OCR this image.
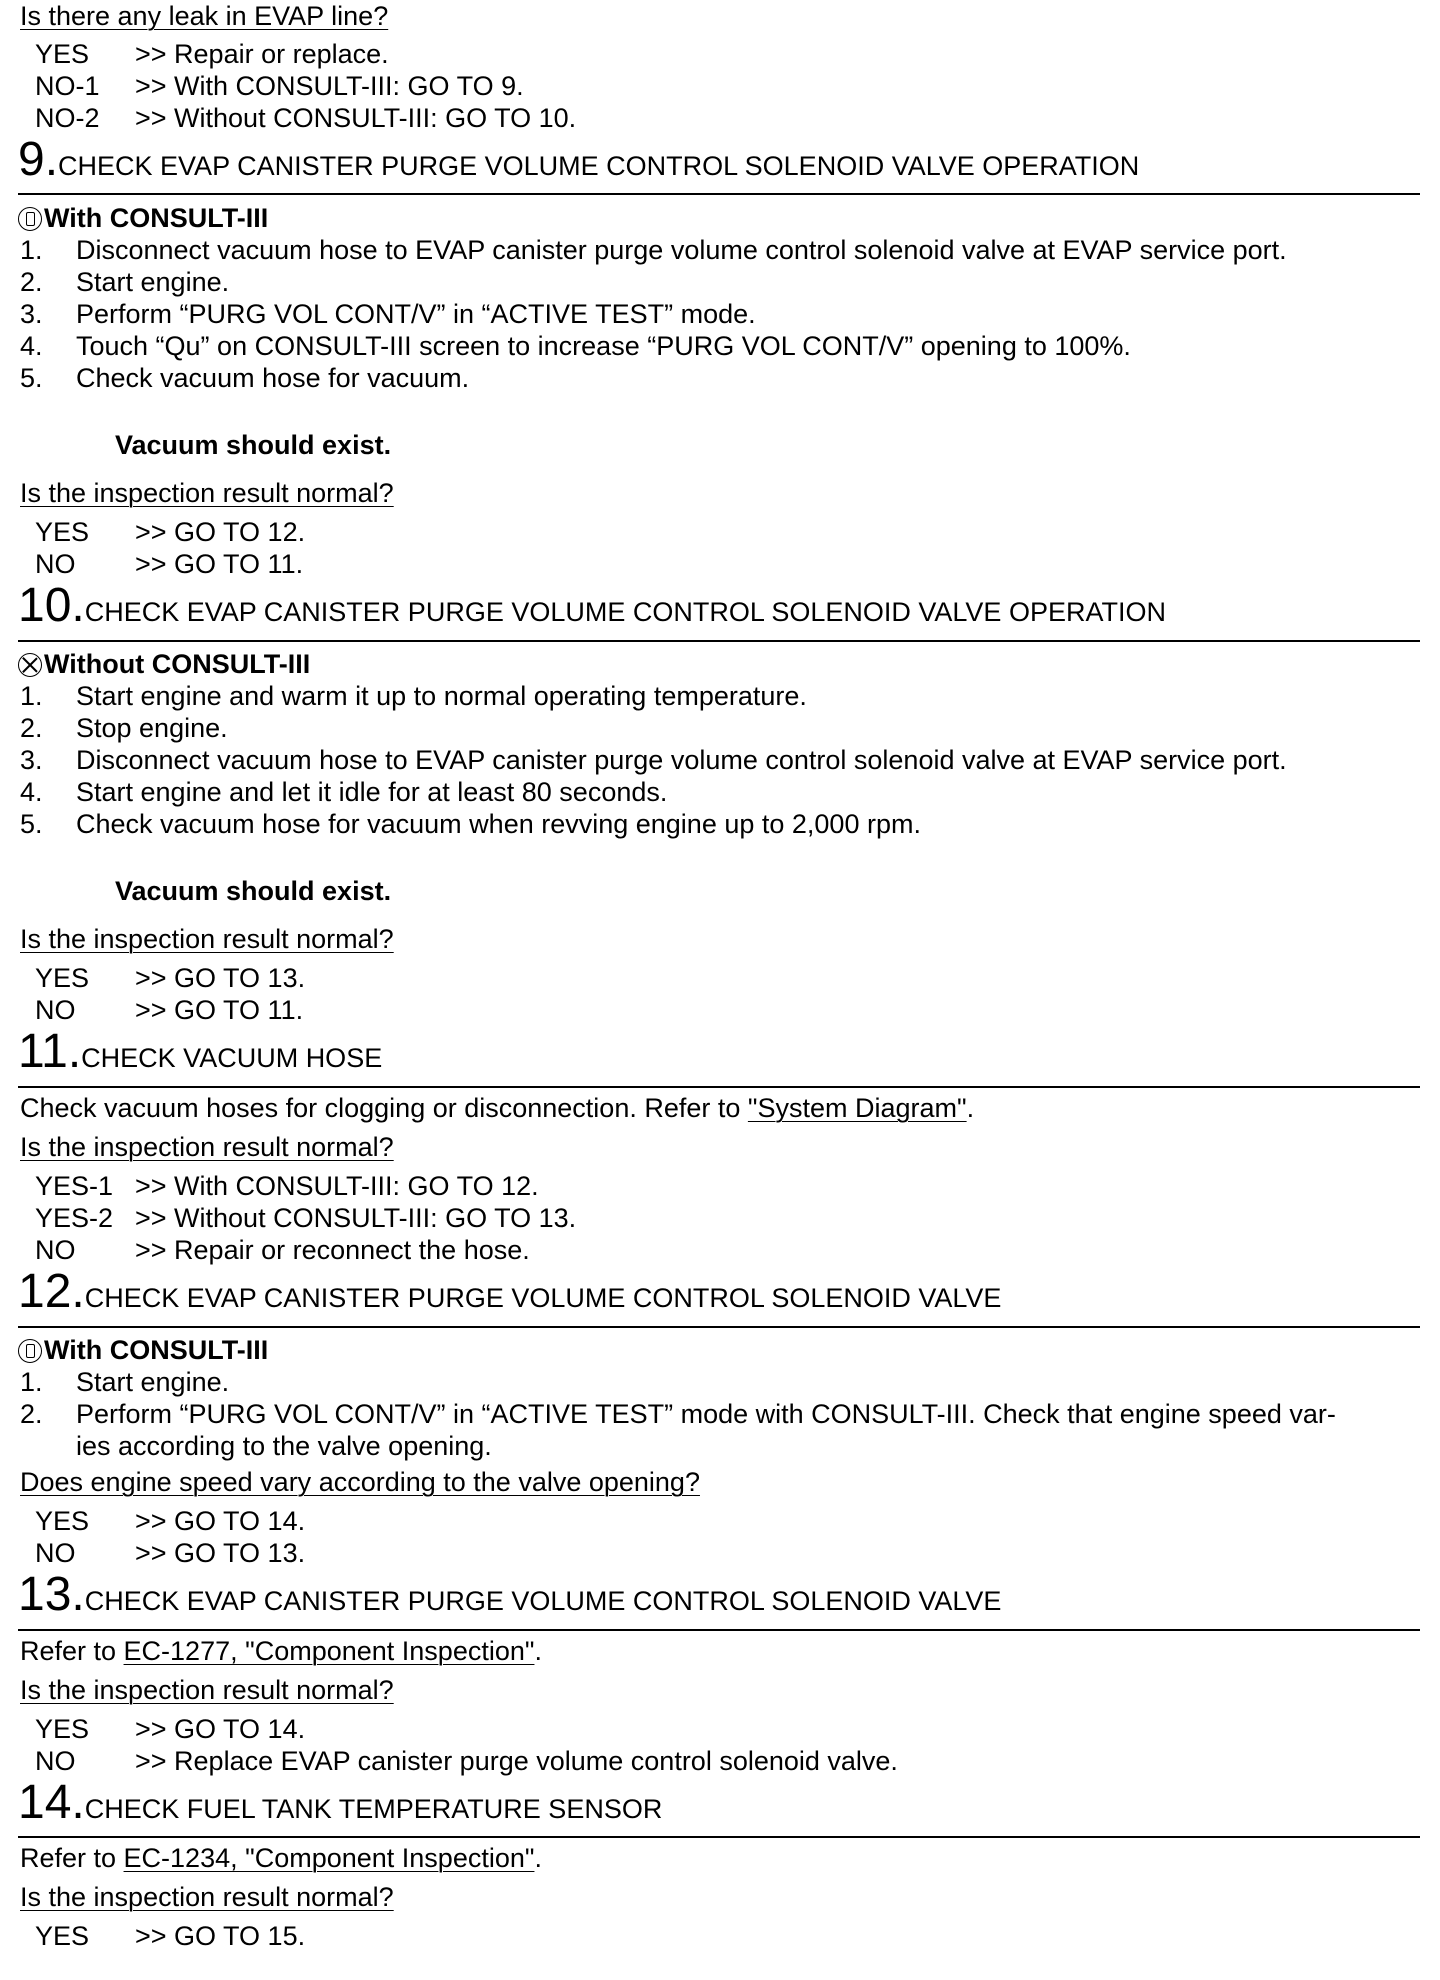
Is there any leak in EVAP line?
YES >> Repair or replace.
NO-1 >> With CONSULT-III: GO TO 9.
NO-2 >> Without CONSULT-III: GO TO 10.
9.CHECK EVAP CANISTER PURGE VOLUME CONTROL SOLENOID VALVE OPERATION
With CONSULT-III
1. Disconnect vacuum hose to EVAP canister purge volume control solenoid valve at EVAP service port.
2. Start engine.
3. Perform “PURG VOL CONT/V” in “ACTIVE TEST” mode.
4. Touch “Qu” on CONSULT-III screen to increase “PURG VOL CONT/V” opening to 100%.
5. Check vacuum hose for vacuum.
Vacuum should exist.
Is the inspection result normal?
YES >> GO TO 12.
NO >> GO TO 11.
10.CHECK EVAP CANISTER PURGE VOLUME CONTROL SOLENOID VALVE OPERATION
Without CONSULT-III
1. Start engine and warm it up to normal operating temperature.
2. Stop engine.
3. Disconnect vacuum hose to EVAP canister purge volume control solenoid valve at EVAP service port.
4. Start engine and let it idle for at least 80 seconds.
5. Check vacuum hose for vacuum when revving engine up to 2,000 rpm.
Vacuum should exist.
Is the inspection result normal?
YES >> GO TO 13.
NO >> GO TO 11.
11.CHECK VACUUM HOSE
Check vacuum hoses for clogging or disconnection. Refer to "System Diagram".
Is the inspection result normal?
YES-1 >> With CONSULT-III: GO TO 12.
YES-2 >> Without CONSULT-III: GO TO 13.
NO >> Repair or reconnect the hose.
12.CHECK EVAP CANISTER PURGE VOLUME CONTROL SOLENOID VALVE
With CONSULT-III
1. Start engine.
2. Perform “PURG VOL CONT/V” in “ACTIVE TEST” mode with CONSULT-III. Check that engine speed var-
ies according to the valve opening.
Does engine speed vary according to the valve opening?
YES >> GO TO 14.
NO >> GO TO 13.
13.CHECK EVAP CANISTER PURGE VOLUME CONTROL SOLENOID VALVE
Refer to EC-1277, "Component Inspection".
Is the inspection result normal?
YES >> GO TO 14.
NO >> Replace EVAP canister purge volume control solenoid valve.
14.CHECK FUEL TANK TEMPERATURE SENSOR
Refer to EC-1234, "Component Inspection".
Is the inspection result normal?
YES >> GO TO 15.
